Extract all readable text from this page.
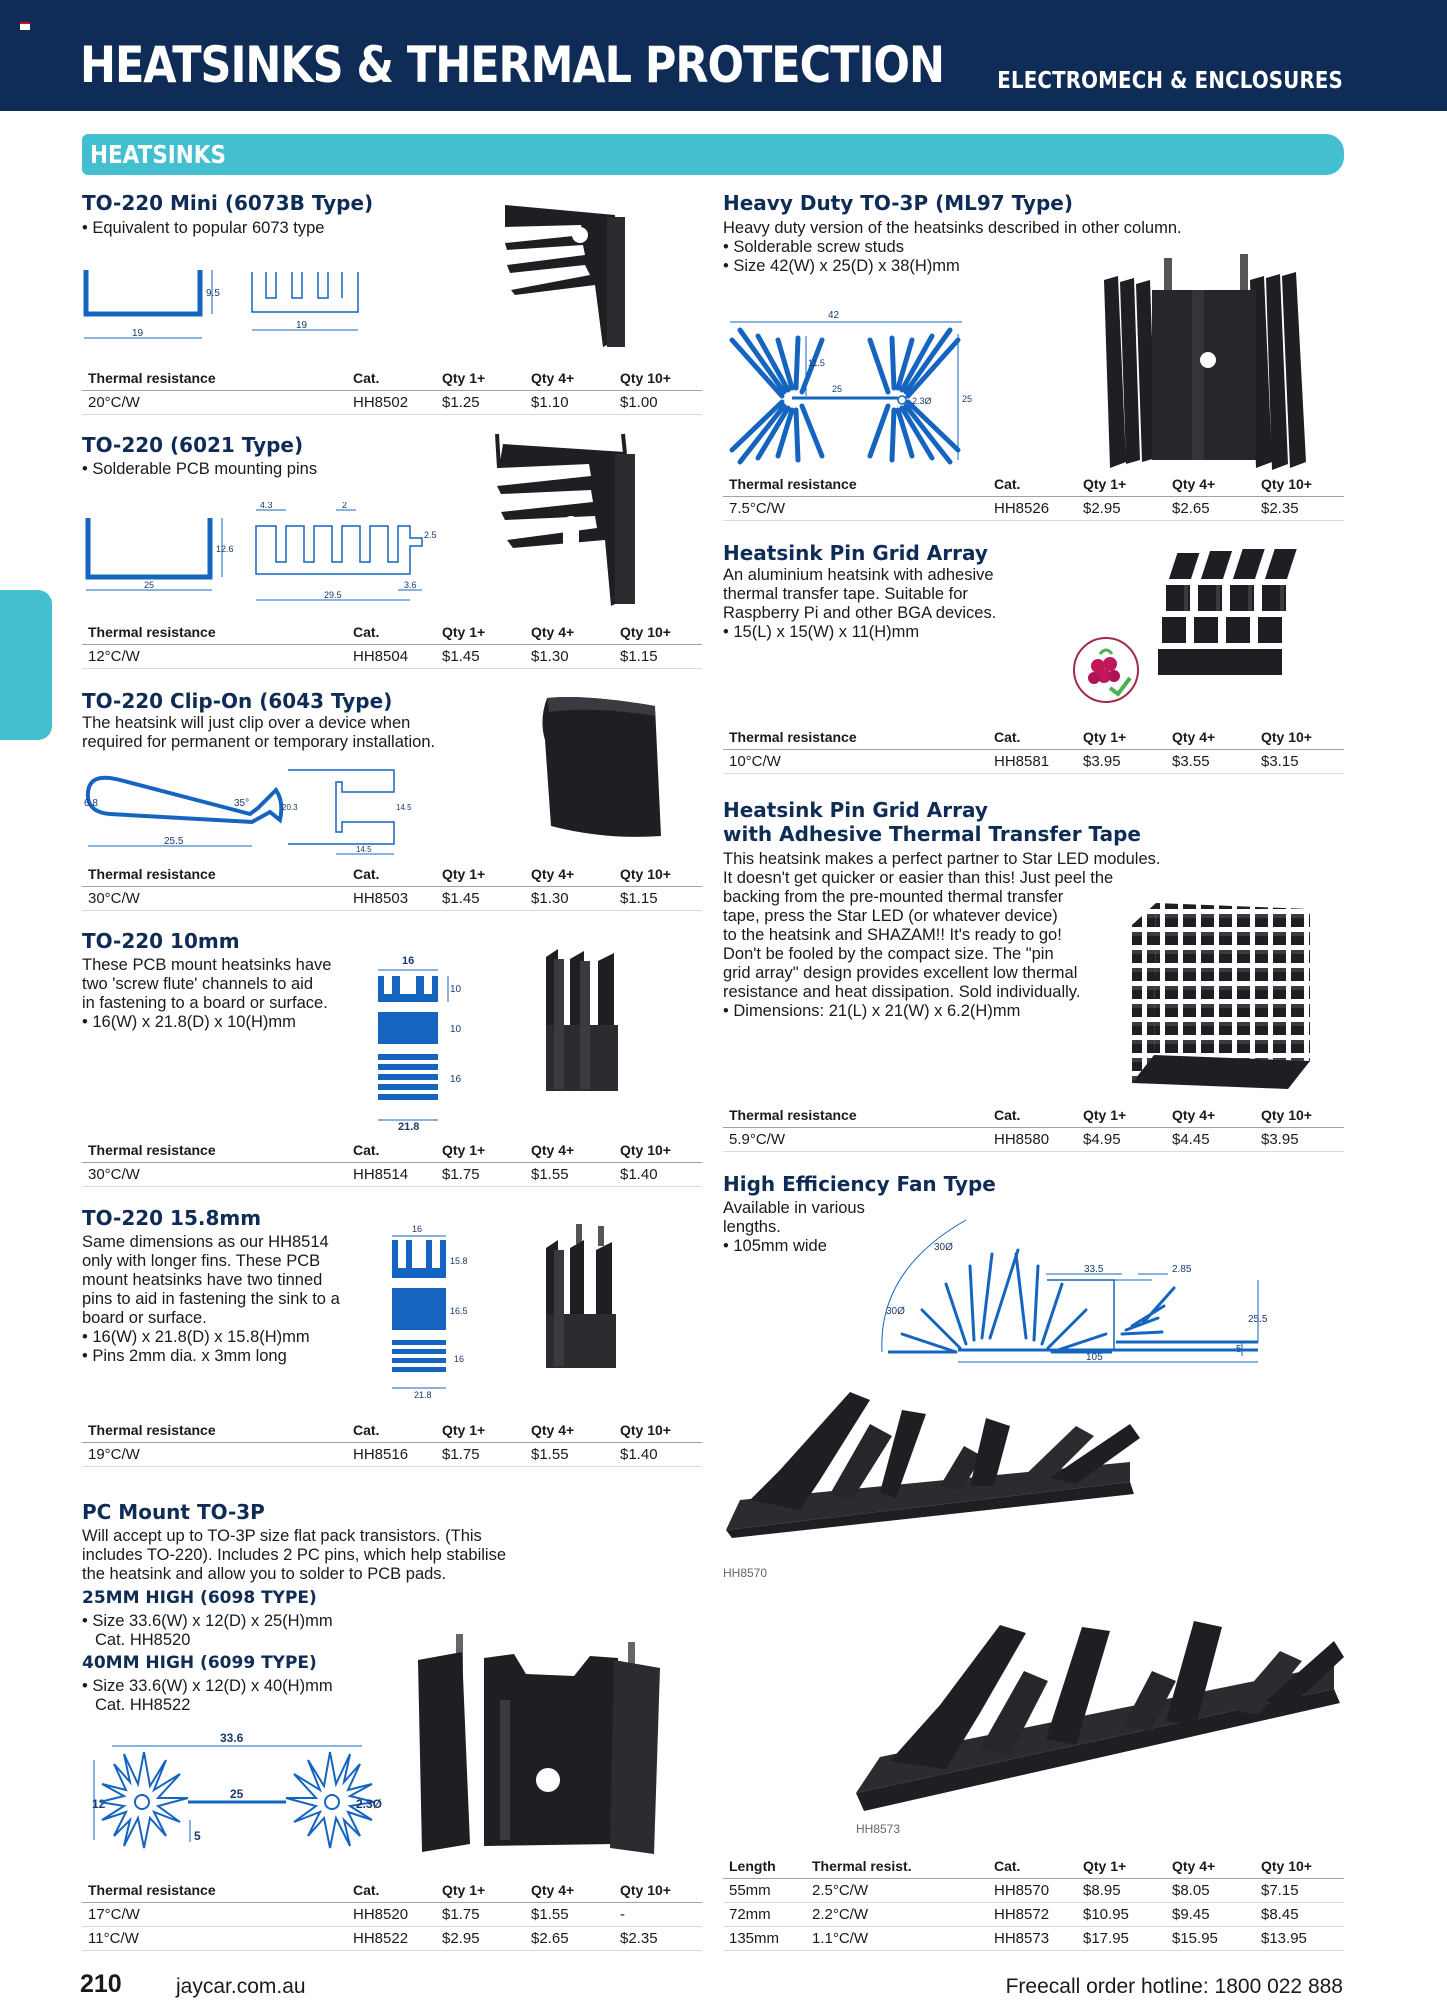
HEATSINKS & THERMAL PROTECTION ELECTROMECH & ENCLOSURES
HEATSINKS
TO-220 Mini (6073B Type)
• Equivalent to popular 6073 type
9.5
19
19
Thermal resistance	Cat.	Qty 1+	Qty 4+	Qty 10+
20°C/W	HH8502	$1.25	$1.10	$1.00
TO-220 (6021 Type)
• Solderable PCB mounting pins
12.6
25
4.3	2
2.5
29.5
3.6
Thermal resistance	Cat.	Qty 1+	Qty 4+	Qty 10+
12°C/W	HH8504	$1.45	$1.30	$1.15
TO-220 Clip-On (6043 Type)
The heatsink will just clip over a device when
required for permanent or temporary installation.
6.8	35°
25.5
20.3	14.5
14.5
Thermal resistance	Cat.	Qty 1+	Qty 4+	Qty 10+
30°C/W	HH8503	$1.45	$1.30	$1.15
TO-220 10mm
These PCB mount heatsinks have
two 'screw flute' channels to aid
in fastening to a board or surface.
• 16(W) x 21.8(D) x 10(H)mm
16
10
10
16
21.8
Thermal resistance	Cat.	Qty 1+	Qty 4+	Qty 10+
30°C/W	HH8514	$1.75	$1.55	$1.40
TO-220 15.8mm
Same dimensions as our HH8514
only with longer fins. These PCB
mount heatsinks have two tinned
pins to aid in fastening the sink to a
board or surface.
• 16(W) x 21.8(D) x 15.8(H)mm
• Pins 2mm dia. x 3mm long
16
15.8
16.5
16
21.8
Thermal resistance	Cat.	Qty 1+	Qty 4+	Qty 10+
19°C/W	HH8516	$1.75	$1.55	$1.40
PC Mount TO-3P
Will accept up to TO-3P size flat pack transistors. (This
includes TO-220). Includes 2 PC pins, which help stabilise
the heatsink and allow you to solder to PCB pads.
25MM HIGH (6098 TYPE)
• Size 33.6(W) x 12(D) x 25(H)mm
Cat. HH8520
40MM HIGH (6099 TYPE)
• Size 33.6(W) x 12(D) x 40(H)mm
Cat. HH8522
33.6
12
25
2.3Ø
5
Thermal resistance	Cat.	Qty 1+	Qty 4+	Qty 10+
17°C/W	HH8520	$1.75	$1.55	-
11°C/W	HH8522	$2.95	$2.65	$2.35
Heavy Duty TO-3P (ML97 Type)
Heavy duty version of the heatsinks described in other column.
• Solderable screw studs
• Size 42(W) x 25(D) x 38(H)mm
42
11.5
25
2.3Ø	25
Thermal resistance	Cat.	Qty 1+	Qty 4+	Qty 10+
7.5°C/W	HH8526	$2.95	$2.65	$2.35
Heatsink Pin Grid Array
An aluminium heatsink with adhesive
thermal transfer tape. Suitable for
Raspberry Pi and other BGA devices.
• 15(L) x 15(W) x 11(H)mm
Thermal resistance	Cat.	Qty 1+	Qty 4+	Qty 10+
10°C/W	HH8581	$3.95	$3.55	$3.15
Heatsink Pin Grid Array
with Adhesive Thermal Transfer Tape
This heatsink makes a perfect partner to Star LED modules.
It doesn't get quicker or easier than this! Just peel the
backing from the pre-mounted thermal transfer
tape, press the Star LED (or whatever device)
to the heatsink and SHAZAM!! It's ready to go!
Don't be fooled by the compact size. The "pin
grid array" design provides excellent low thermal
resistance and heat dissipation. Sold individually.
• Dimensions: 21(L) x 21(W) x 6.2(H)mm
Thermal resistance	Cat.	Qty 1+	Qty 4+	Qty 10+
5.9°C/W	HH8580	$4.95	$4.45	$3.95
High Efficiency Fan Type
Available in various
lengths.
• 105mm wide	30Ø
30Ø
33.5	2.85
25.5
105
HH8570
HH8573
Length	Thermal resist.	Cat.	Qty 1+	Qty 4+	Qty 10+
55mm	2.5°C/W	HH8570	$8.95	$8.05	$7.15
72mm	2.2°C/W	HH8572	$10.95	$9.45	$8.45
135mm	1.1°C/W	HH8573	$17.95	$15.95	$13.95
210	jaycar.com.au	Freecall order hotline: 1800 022 888
